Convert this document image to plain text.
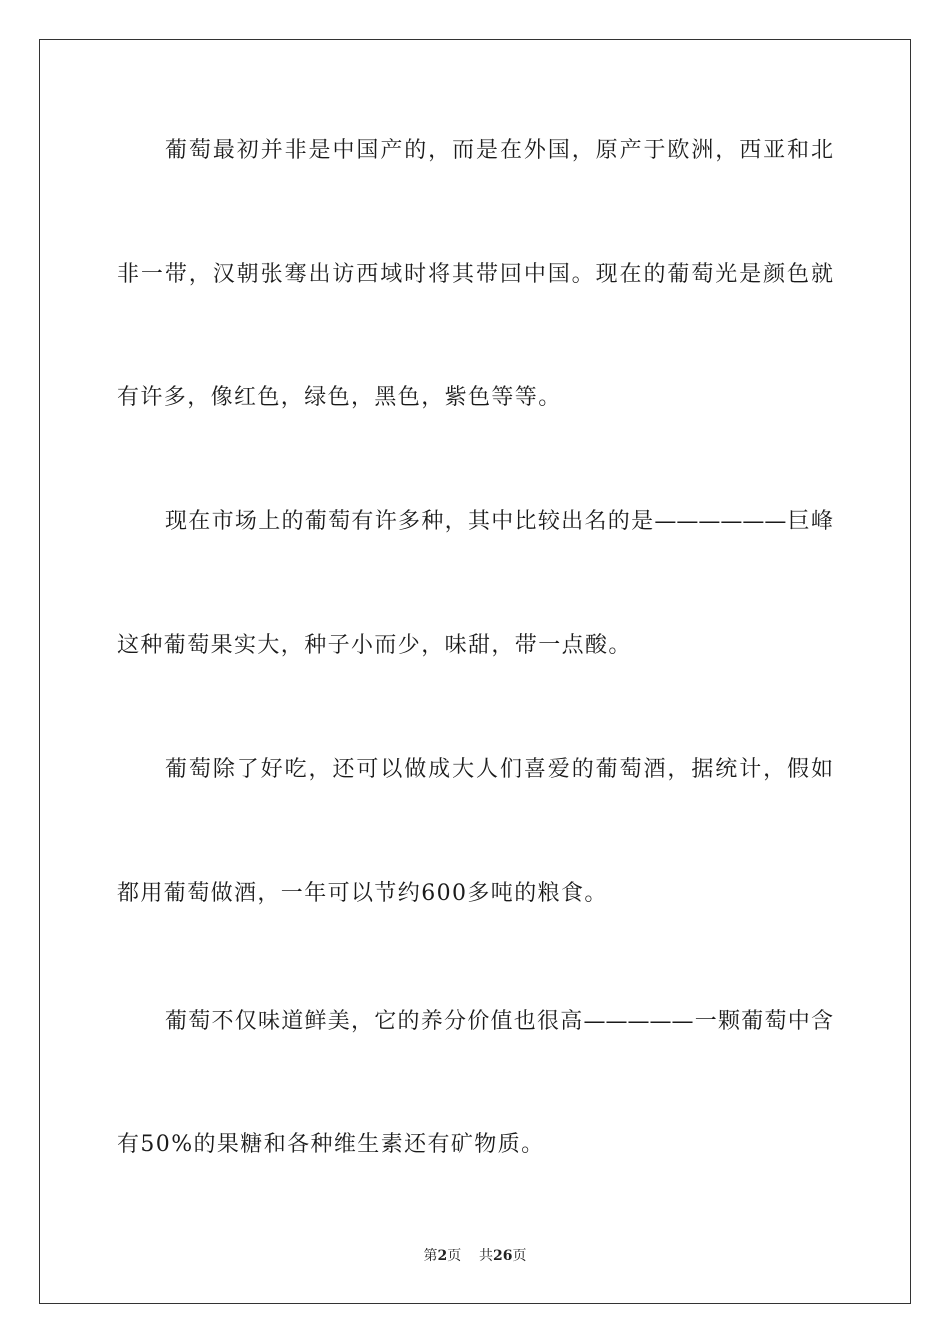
葡萄最初并非是中国产的，而是在外国，原产于欧洲，西亚和北
非一带，汉朝张骞出访西域时将其带回中国。现在的葡萄光是颜色就
有许多，像红色，绿色，黑色，紫色等等。
现在市场上的葡萄有许多种，其中比较出名的是——————巨峰
这种葡萄果实大，种子小而少，味甜，带一点酸。
葡萄除了好吃，还可以做成大人们喜爱的葡萄酒，据统计，假如
都用葡萄做酒，一年可以节约600多吨的粮食。
葡萄不仅味道鲜美，它的养分价值也很高—————一颗葡萄中含
有50%的果糖和各种维生素还有矿物质。
第2页 共26页
